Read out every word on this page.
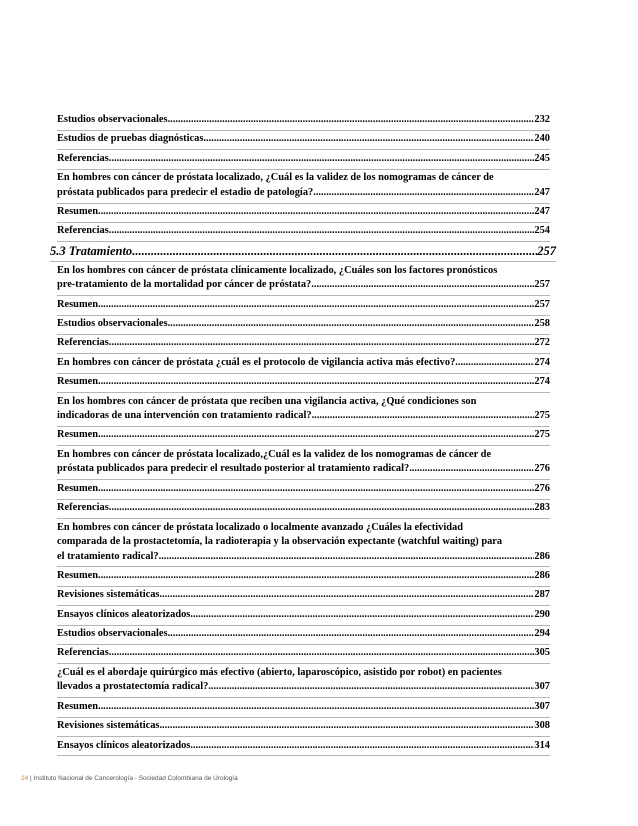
Estudios observacionales .....	232
Estudios de pruebas diagnósticas .....	240
Referencias .....	245
En hombres con cáncer de próstata localizado, ¿Cuál es la validez de los nomogramas de cáncer de
próstata publicados para predecir el estadio de patología? .....	247
Resumen .....	247
Referencias .....	254
5.3 Tratamiento .....	257
En los hombres con cáncer de próstata clínicamente localizado, ¿Cuáles son los factores pronósticos
pre-tratamiento de la mortalidad por cáncer de próstata? .....	257
Resumen .....	257
Estudios observacionales .....	258
Referencias .....	272
En hombres con cáncer de próstata ¿cuál es el protocolo de vigilancia activa más efectivo? .....	274
Resumen .....	274
En los hombres con cáncer de próstata que reciben una vigilancia activa, ¿Qué condiciones son
indicadoras de una intervención con tratamiento radical? .....	275
Resumen .....	275
En hombres con cáncer de próstata localizado,¿Cuál es la validez de los nomogramas de cáncer de
próstata publicados para predecir el resultado posterior al tratamiento radical? .....	276
Resumen .....	276
Referencias .....	283
En hombres con cáncer de próstata localizado o localmente avanzado ¿Cuáles la efectividad
comparada de la prostactetomía, la radioterapia y la observación expectante (watchful waiting) para
el tratamiento radical? .....	286
Resumen .....	286
Revisiones sistemáticas .....	287
Ensayos clínicos aleatorizados .....	290
Estudios observacionales .....	294
Referencias .....	305
¿Cuál es el abordaje quirúrgico más efectivo (abierto, laparoscópico, asistido por robot) en pacientes
llevados a prostatectomía radical? .....	307
Resumen .....	307
Revisiones sistemáticas .....	308
Ensayos clínicos aleatorizados .....	314
24 | Instituto Nacional de Cancerología - Sociedad Colombiana de Urología
